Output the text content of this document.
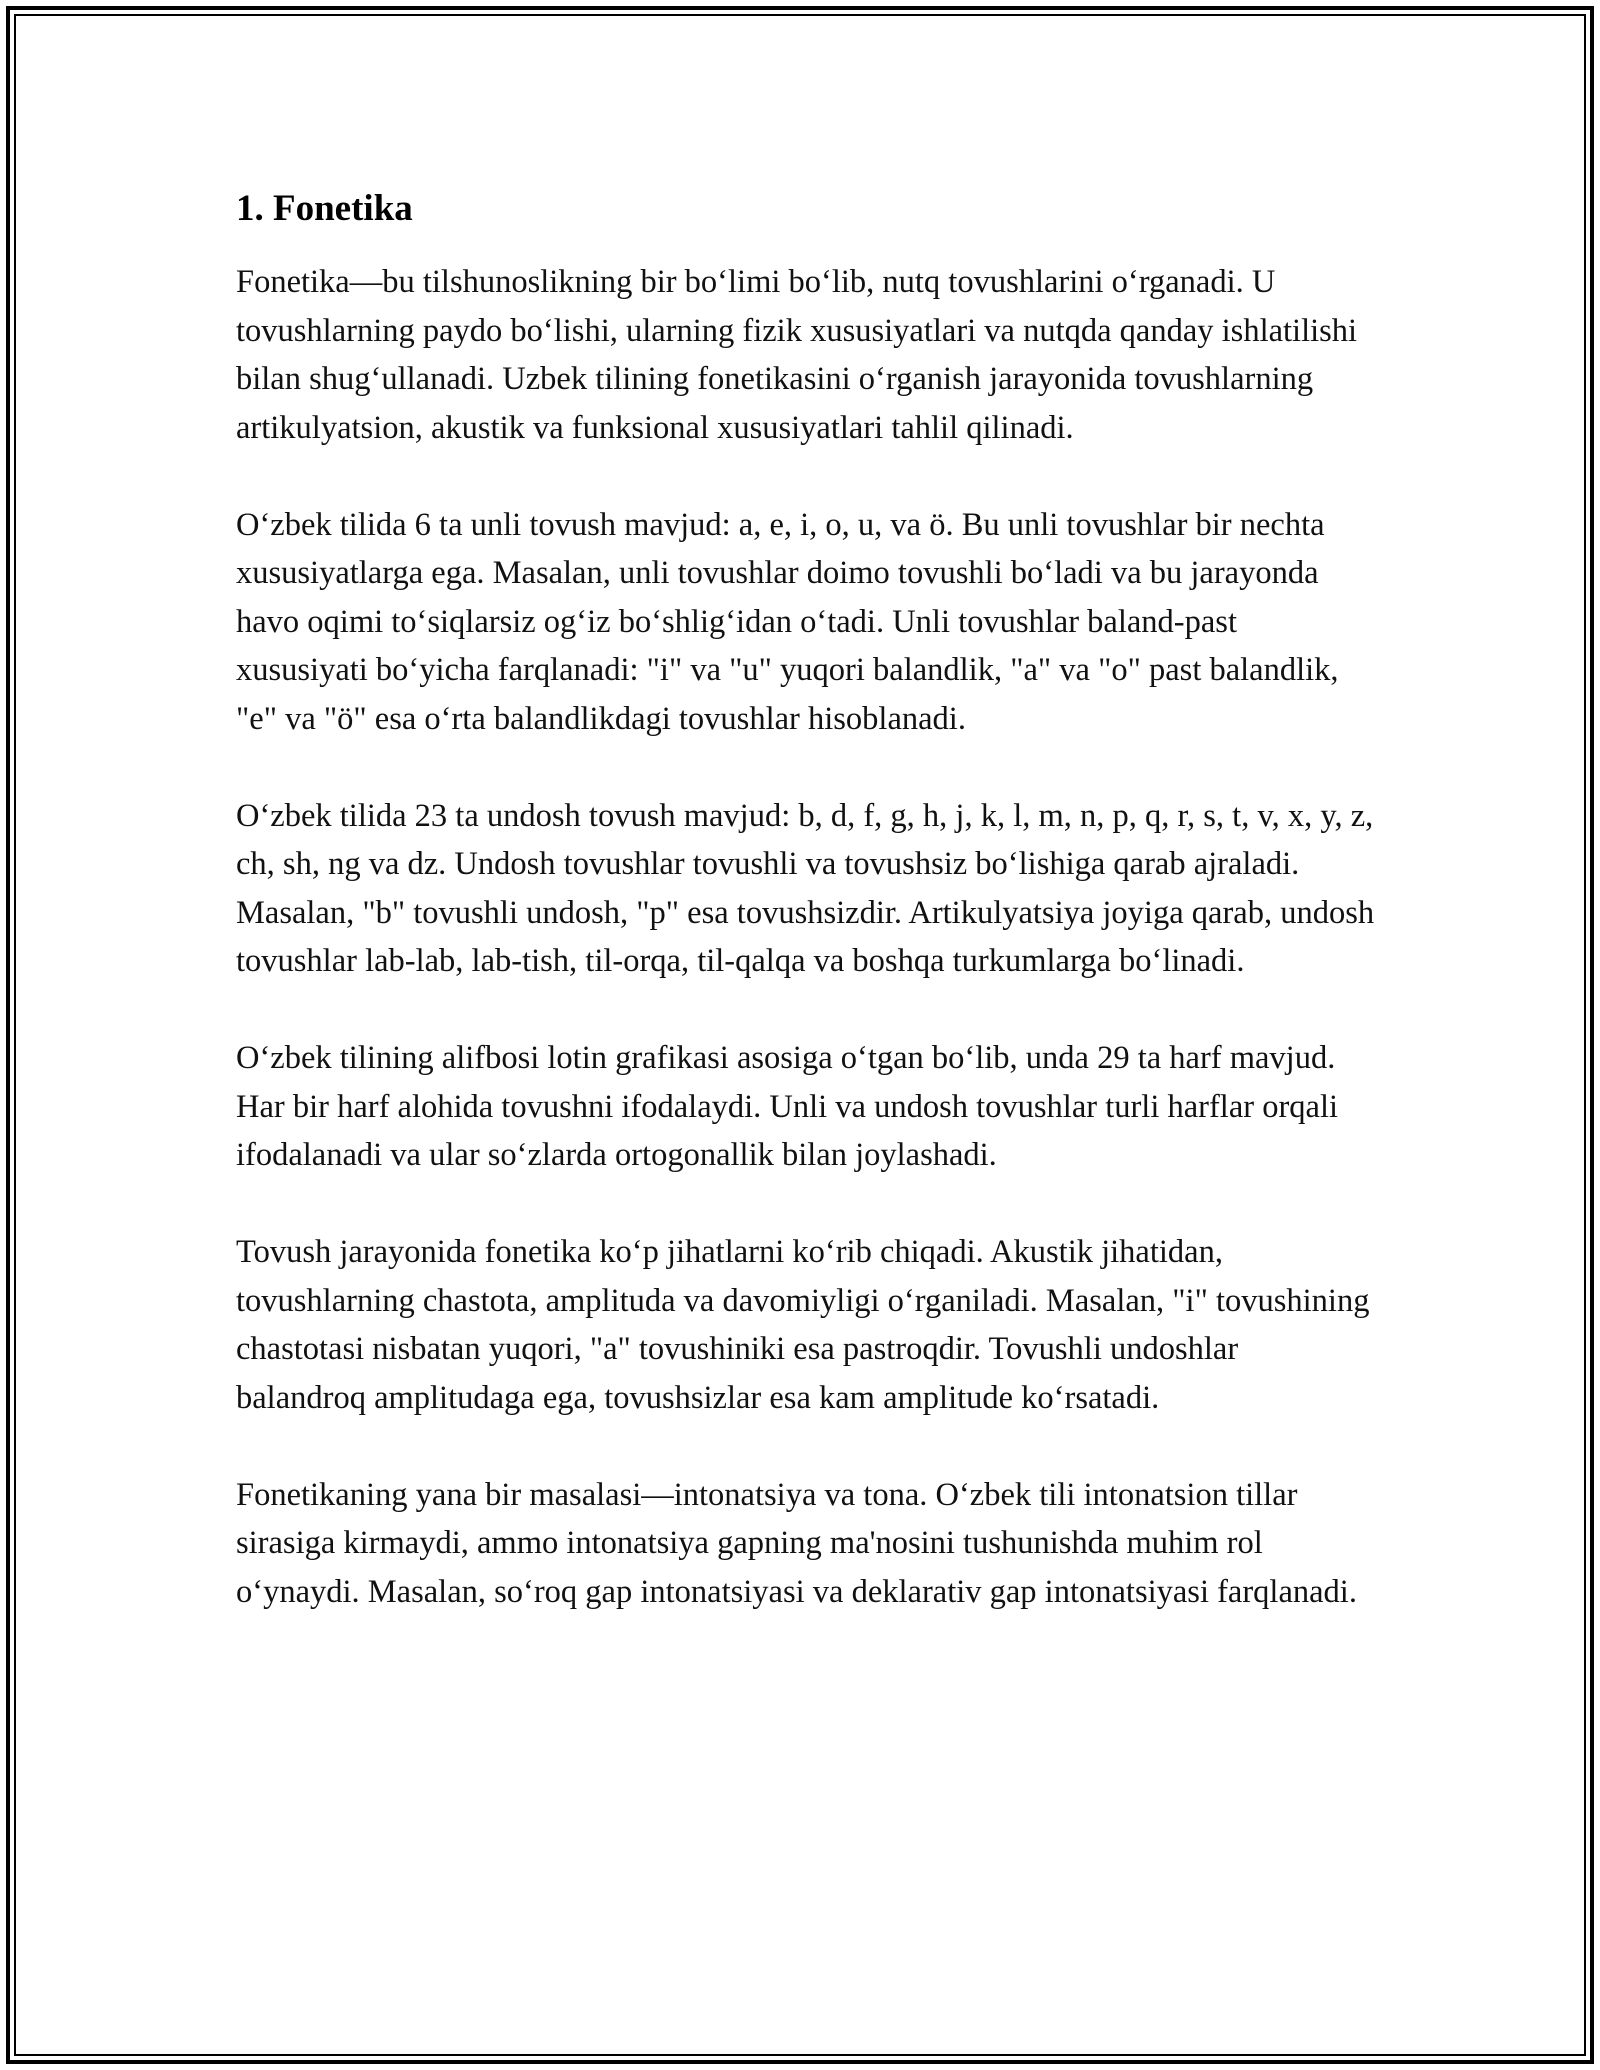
1. Fonetika

Fonetika—bu tilshunoslikning bir bo‘limi bo‘lib, nutq tovushlarini o‘rganadi. U tovushlarning paydo bo‘lishi, ularning fizik xususiyatlari va nutqda qanday ishlatilishi bilan shug‘ullanadi. Uzbek tilining fonetikasini o‘rganish jarayonida tovushlarning artikulyatsion, akustik va funksional xususiyatlari tahlil qilinadi.

O‘zbek tilida 6 ta unli tovush mavjud: a, e, i, o, u, va ö. Bu unli tovushlar bir nechta xususiyatlarga ega. Masalan, unli tovushlar doimo tovushli bo‘ladi va bu jarayonda havo oqimi to‘siqlarsiz og‘iz bo‘shlig‘idan o‘tadi. Unli tovushlar baland-past xususiyati bo‘yicha farqlanadi: "i" va "u" yuqori balandlik, "a" va "o" past balandlik, "e" va "ö" esa o‘rta balandlikdagi tovushlar hisoblanadi.

O‘zbek tilida 23 ta undosh tovush mavjud: b, d, f, g, h, j, k, l, m, n, p, q, r, s, t, v, x, y, z, ch, sh, ng va dz. Undosh tovushlar tovushli va tovushsiz bo‘lishiga qarab ajraladi. Masalan, "b" tovushli undosh, "p" esa tovushsizdir. Artikulyatsiya joyiga qarab, undosh tovushlar lab-lab, lab-tish, til-orqa, til-qalqa va boshqa turkumlarga bo‘linadi.

O‘zbek tilining alifbosi lotin grafikasi asosiga o‘tgan bo‘lib, unda 29 ta harf mavjud. Har bir harf alohida tovushni ifodalaydi. Unli va undosh tovushlar turli harflar orqali ifodalanadi va ular so‘zlarda ortogonallik bilan joylashadi.

Tovush jarayonida fonetika ko‘p jihatlarni ko‘rib chiqadi. Akustik jihatidan, tovushlarning chastota, amplituda va davomiyligi o‘rganiladi. Masalan, "i" tovushining chastotasi nisbatan yuqori, "a" tovushiniki esa pastroqdir. Tovushli undoshlar balandroq amplitudaga ega, tovushsizlar esa kam amplitude ko‘rsatadi.

Fonetikaning yana bir masalasi—intonatsiya va tona. O‘zbek tili intonatsion tillar sirasiga kirmaydi, ammo intonatsiya gapning ma'nosini tushunishda muhim rol o‘ynaydi. Masalan, so‘roq gap intonatsiyasi va deklarativ gap intonatsiyasi farqlanadi.
